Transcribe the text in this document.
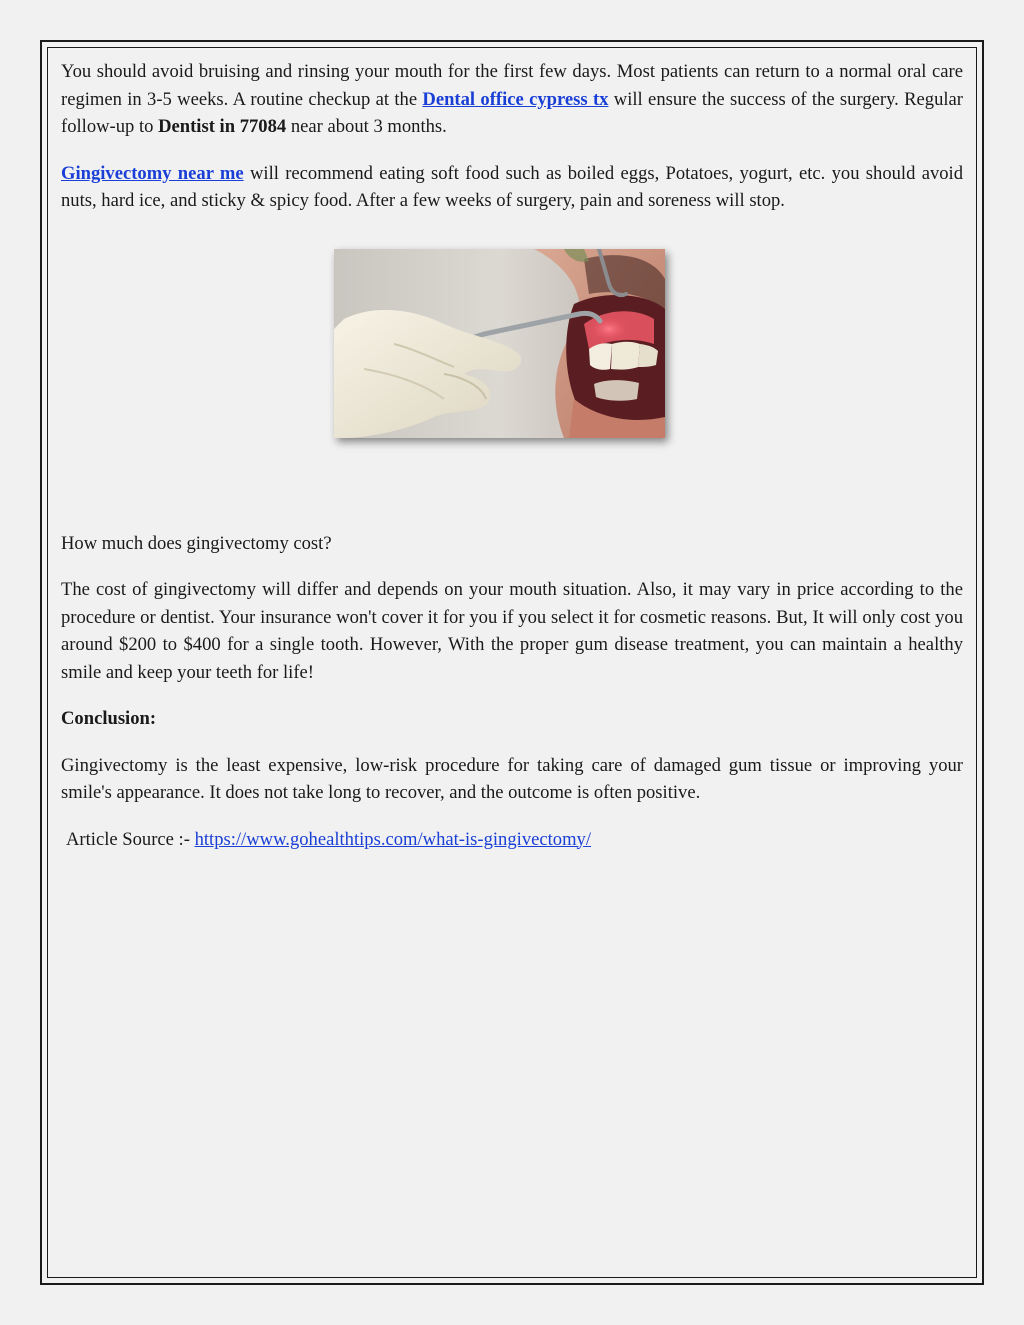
You should avoid bruising and rinsing your mouth for the first few days. Most patients can return to a normal oral care regimen in 3-5 weeks. A routine checkup at the Dental office cypress tx will ensure the success of the surgery. Regular follow-up to Dentist in 77084 near about 3 months.

Gingivectomy near me will recommend eating soft food such as boiled eggs, Potatoes, yogurt, etc. you should avoid nuts, hard ice, and sticky & spicy food. After a few weeks of surgery, pain and soreness will stop.

How much does gingivectomy cost?

The cost of gingivectomy will differ and depends on your mouth situation. Also, it may vary in price according to the procedure or dentist. Your insurance won't cover it for you if you select it for cosmetic reasons. But, It will only cost you around $200 to $400 for a single tooth. However, With the proper gum disease treatment, you can maintain a healthy smile and keep your teeth for life!

Conclusion:

Gingivectomy is the least expensive, low-risk procedure for taking care of damaged gum tissue or improving your smile's appearance. It does not take long to recover, and the outcome is often positive.

Article Source :- https://www.gohealthtips.com/what-is-gingivectomy/
